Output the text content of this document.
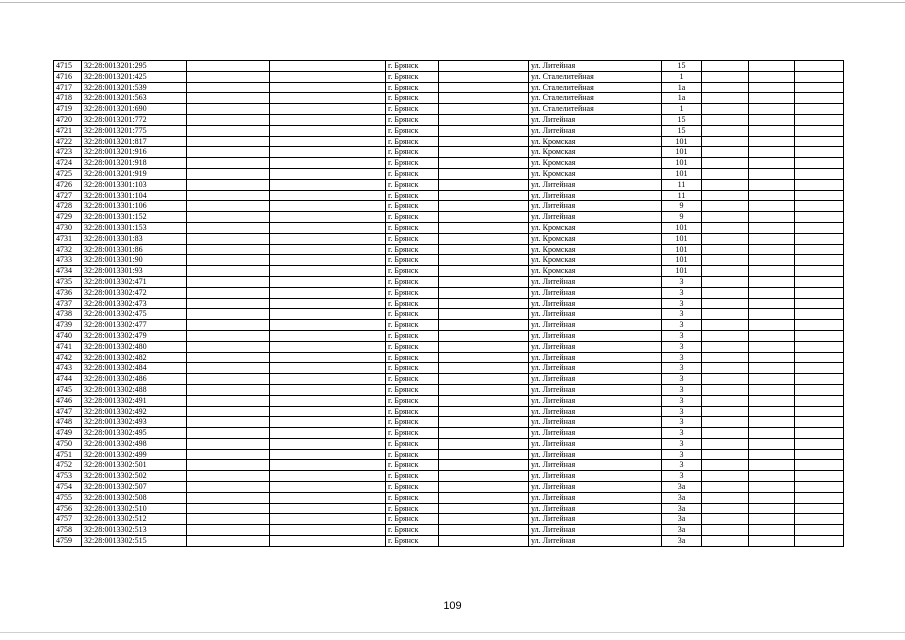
4715	32:28:0013201:295			г. Брянск		ул. Литейная	15			
4716	32:28:0013201:425			г. Брянск		ул. Сталелитейная	1			
4717	32:28:0013201:539			г. Брянск		ул. Сталелитейная	1а			
4718	32:28:0013201:563			г. Брянск		ул. Сталелитейная	1а			
4719	32:28:0013201:690			г. Брянск		ул. Сталелитейная	1			
4720	32:28:0013201:772			г. Брянск		ул. Литейная	15			
4721	32:28:0013201:775			г. Брянск		ул. Литейная	15			
4722	32:28:0013201:817			г. Брянск		ул. Кромская	101			
4723	32:28:0013201:916			г. Брянск		ул. Кромская	101			
4724	32:28:0013201:918			г. Брянск		ул. Кромская	101			
4725	32:28:0013201:919			г. Брянск		ул. Кромская	101			
4726	32:28:0013301:103			г. Брянск		ул. Литейная	11			
4727	32:28:0013301:104			г. Брянск		ул. Литейная	11			
4728	32:28:0013301:106			г. Брянск		ул. Литейная	9			
4729	32:28:0013301:152			г. Брянск		ул. Литейная	9			
4730	32:28:0013301:153			г. Брянск		ул. Кромская	101			
4731	32:28:0013301:83			г. Брянск		ул. Кромская	101			
4732	32:28:0013301:86			г. Брянск		ул. Кромская	101			
4733	32:28:0013301:90			г. Брянск		ул. Кромская	101			
4734	32:28:0013301:93			г. Брянск		ул. Кромская	101			
4735	32:28:0013302:471			г. Брянск		ул. Литейная	3			
4736	32:28:0013302:472			г. Брянск		ул. Литейная	3			
4737	32:28:0013302:473			г. Брянск		ул. Литейная	3			
4738	32:28:0013302:475			г. Брянск		ул. Литейная	3			
4739	32:28:0013302:477			г. Брянск		ул. Литейная	3			
4740	32:28:0013302:479			г. Брянск		ул. Литейная	3			
4741	32:28:0013302:480			г. Брянск		ул. Литейная	3			
4742	32:28:0013302:482			г. Брянск		ул. Литейная	3			
4743	32:28:0013302:484			г. Брянск		ул. Литейная	3			
4744	32:28:0013302:486			г. Брянск		ул. Литейная	3			
4745	32:28:0013302:488			г. Брянск		ул. Литейная	3			
4746	32:28:0013302:491			г. Брянск		ул. Литейная	3			
4747	32:28:0013302:492			г. Брянск		ул. Литейная	3			
4748	32:28:0013302:493			г. Брянск		ул. Литейная	3			
4749	32:28:0013302:495			г. Брянск		ул. Литейная	3			
4750	32:28:0013302:498			г. Брянск		ул. Литейная	3			
4751	32:28:0013302:499			г. Брянск		ул. Литейная	3			
4752	32:28:0013302:501			г. Брянск		ул. Литейная	3			
4753	32:28:0013302:502			г. Брянск		ул. Литейная	3			
4754	32:28:0013302:507			г. Брянск		ул. Литейная	3а			
4755	32:28:0013302:508			г. Брянск		ул. Литейная	3а			
4756	32:28:0013302:510			г. Брянск		ул. Литейная	3а			
4757	32:28:0013302:512			г. Брянск		ул. Литейная	3а			
4758	32:28:0013302:513			г. Брянск		ул. Литейная	3а			
4759	32:28:0013302:515			г. Брянск		ул. Литейная	3а			
109
